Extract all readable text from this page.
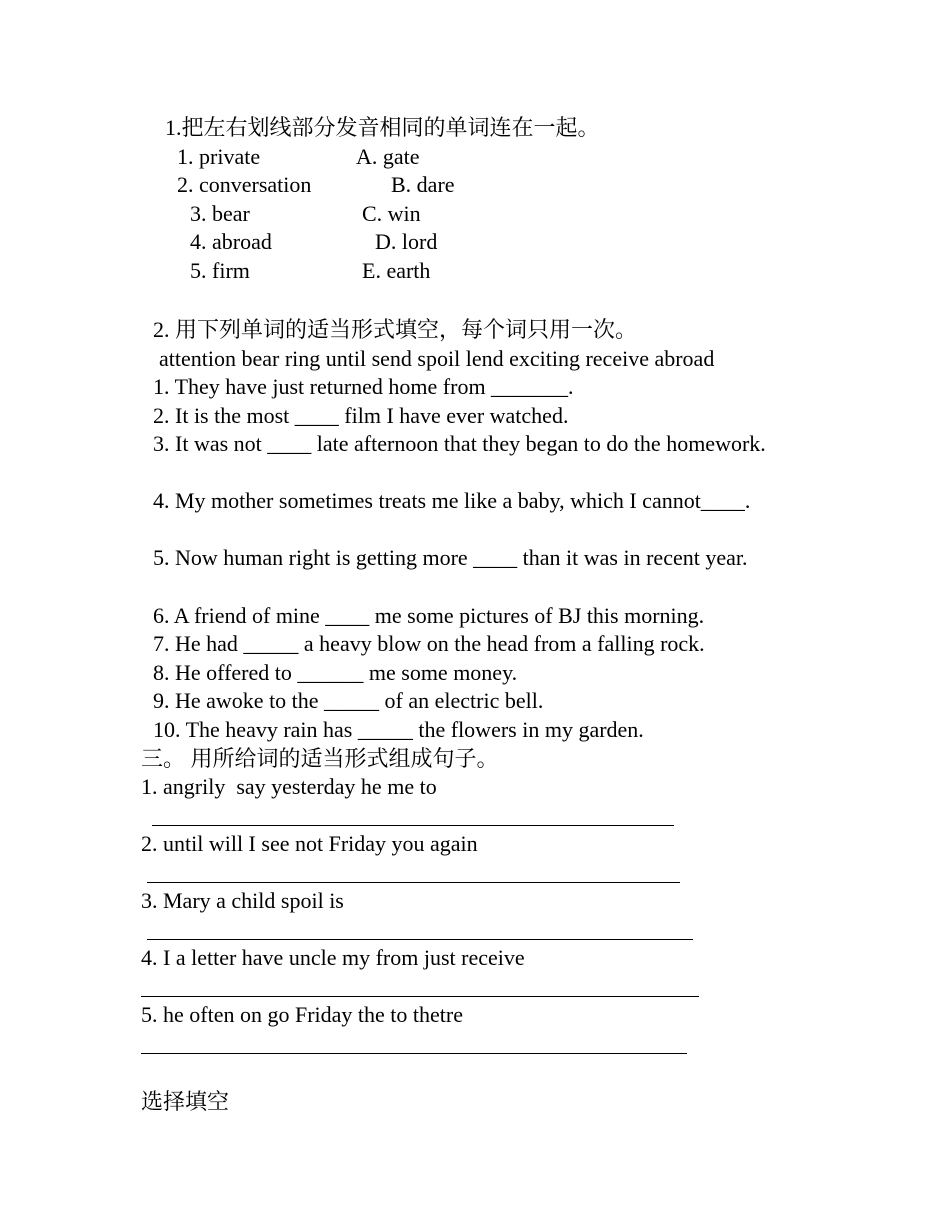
1.把左右划线部分发音相同的单词连在一起。
1. private	A. gate
2. conversation	B. dare
3. bear	C. win
4. abroad	D. lord
5. firm	E. earth
2. 用下列单词的适当形式填空，每个词只用一次。
attention bear ring until send spoil lend exciting receive abroad
1. They have just returned home from _______.
2. It is the most ____ film I have ever watched.
3. It was not ____ late afternoon that they began to do the homework.
4. My mother sometimes treats me like a baby, which I cannot____.
5. Now human right is getting more ____ than it was in recent year.
6. A friend of mine ____ me some pictures of BJ this morning.
7. He had _____ a heavy blow on the head from a falling rock.
8. He offered to ______ me some money.
9. He awoke to the _____ of an electric bell.
10. The heavy rain has _____ the flowers in my garden.
三。 用所给词的适当形式组成句子。
1. angrily  say yesterday he me to
2. until will I see not Friday you again
3. Mary a child spoil is
4. I a letter have uncle my from just receive
5. he often on go Friday the to thetre
选择填空
